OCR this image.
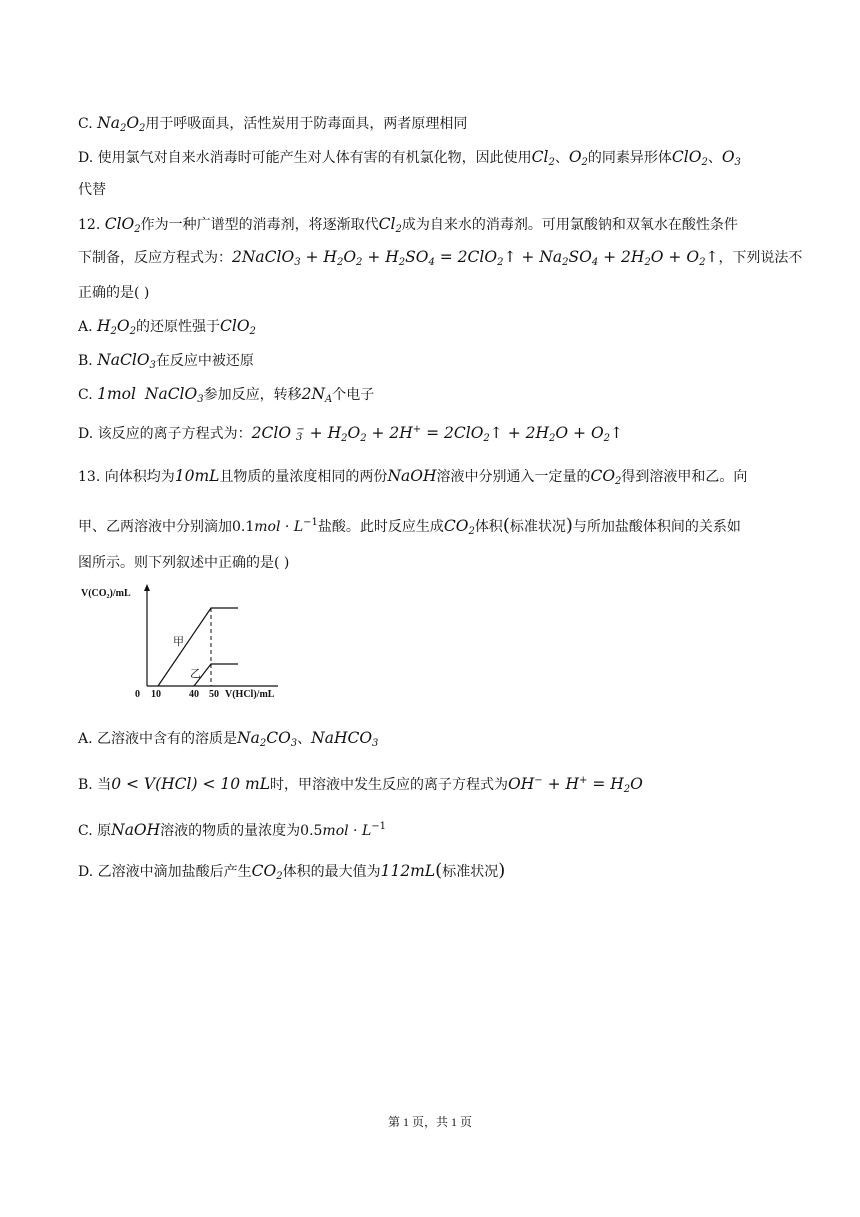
C. $Na_2O_2$用于呼吸面具，活性炭用于防毒面具，两者原理相同
D. 使用氯气对自来水消毒时可能产生对人体有害的有机氯化物，因此使用$Cl_2$、$O_2$的同素异形体ClO$_2$、$O_3$
代替
12. ClO$_2$作为一种广谱型的消毒剂，将逐渐取代$Cl_2$成为自来水的消毒剂。可用氯酸钠和双氧水在酸性条件
下制备，反应方程式为：2NaClO$_3$ + $H_2O_2 + H_2SO_4$ = 2ClO$_2$↑ + $Na_2SO_4 + 2H_2O$ + $O_2↑$，下列说法不
正确的是( )
A. $H_2O_2$的还原性强于ClO$_2$
B. NaClO$_3$在反应中被还原
C. 1mol NaClO$_3$参加反应，转移$2N_A$个电子
D. 该反应的离子方程式为：2ClO $_3^- + H_2O_2 + 2H^+$ = 2ClO$_2$↑ + $2H_2O$ + $O_2↑$
13. 向体积均为10mL且物质的量浓度相同的两份NaOH溶液中分别通入一定量的$CO_2$得到溶液甲和乙。向
甲、乙两溶液中分别滴加$0.1mol \cdot L^{-1}$盐酸。此时反应生成$CO_2$体积(标准状况)与所加盐酸体积间的关系如
图所示。则下列叙述中正确的是( )
V(CO₂)/mL
V(HCl)/mL
0 10	40 50
甲
乙
A. 乙溶液中含有的溶质是$Na_2CO_3$、NaHCO$_3$
B. 当0 < V(HCl) < 10 mL时，甲溶液中发生反应的离子方程式为$OH^- + H^+ = H_2O$
C. 原NaOH溶液的物质的量浓度为$0.5mol \cdot L^{-1}$
D. 乙溶液中滴加盐酸后产生$CO_2$体积的最大值为112mL(标准状况)
第 1 页，共 1 页
